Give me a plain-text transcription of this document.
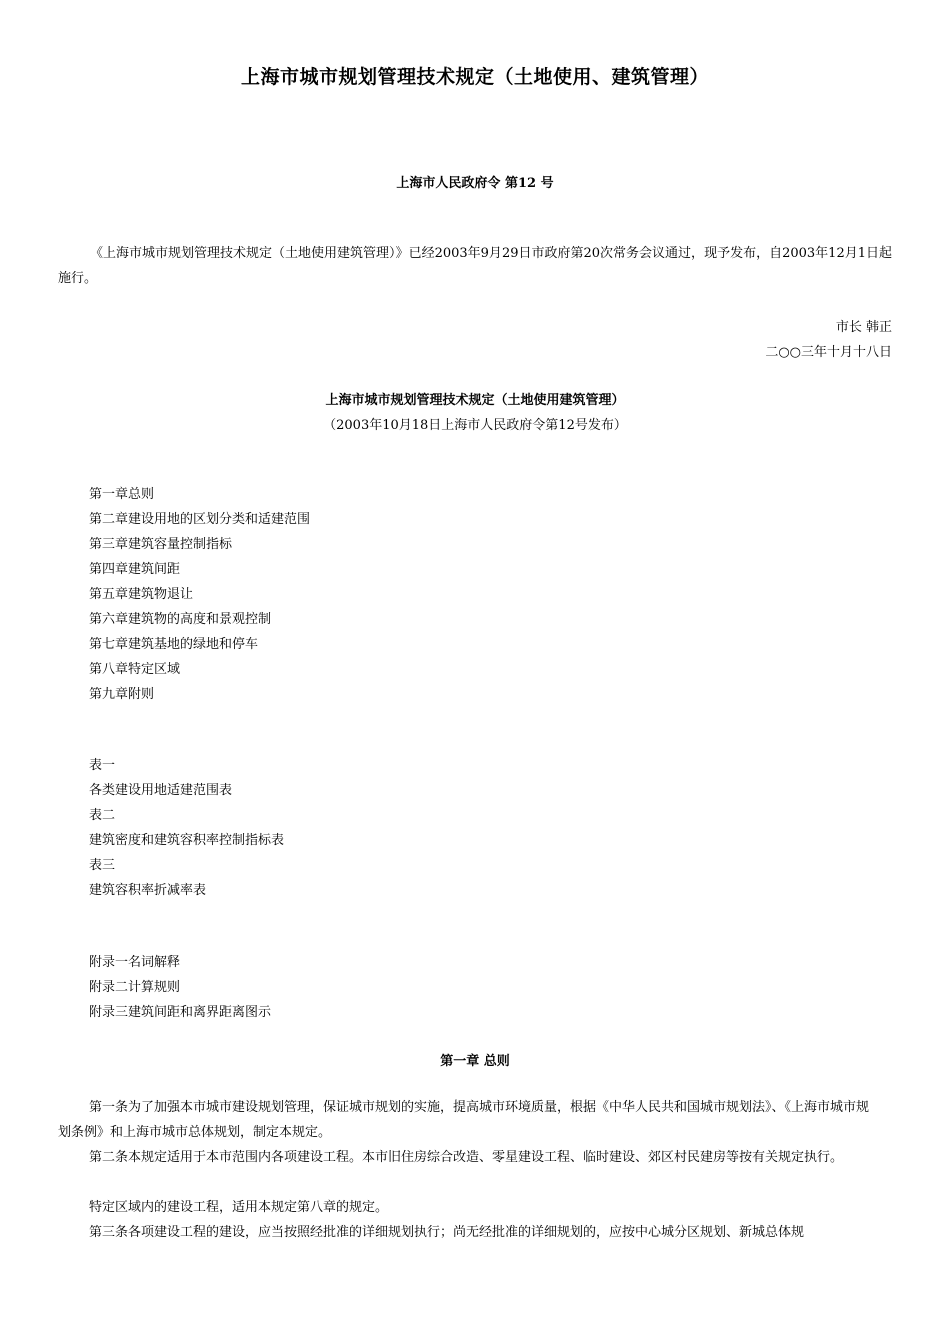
上海市城市规划管理技术规定（土地使用、建筑管理）
上海市人民政府令 第12 号
《上海市城市规划管理技术规定（土地使用建筑管理）》已经2003年9月29日市政府第20次常务会议通过，现予发布，自2003年12月1日起施行。
市长 韩正
二○○三年十月十八日
上海市城市规划管理技术规定（土地使用建筑管理）
（2003年10月18日上海市人民政府令第12号发布）
第一章总则
第二章建设用地的区划分类和适建范围
第三章建筑容量控制指标
第四章建筑间距
第五章建筑物退让
第六章建筑物的高度和景观控制
第七章建筑基地的绿地和停车
第八章特定区域
第九章附则
表一
各类建设用地适建范围表
表二
建筑密度和建筑容积率控制指标表
表三
建筑容积率折减率表
附录一名词解释
附录二计算规则
附录三建筑间距和离界距离图示
第一章 总则
第一条为了加强本市城市建设规划管理，保证城市规划的实施，提高城市环境质量，根据《中华人民共和国城市规划法》、《上海市城市规划条例》和上海市城市总体规划，制定本规定。
第二条本规定适用于本市范围内各项建设工程。本市旧住房综合改造、零星建设工程、临时建设、郊区村民建房等按有关规定执行。
特定区域内的建设工程，适用本规定第八章的规定。
第三条各项建设工程的建设，应当按照经批准的详细规划执行；尚无经批准的详细规划的，应按中心城分区规划、新城总体规
